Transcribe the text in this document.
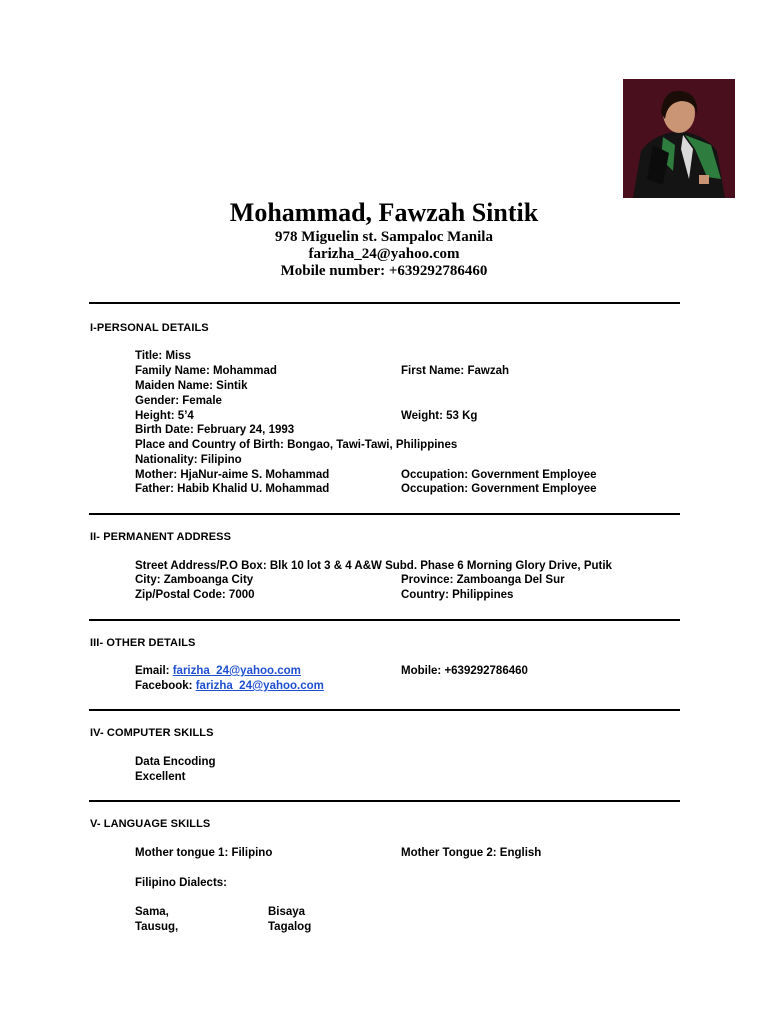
Mohammad, Fawzah Sintik
978 Miguelin st. Sampaloc Manila
farizha_24@yahoo.com
Mobile number: +639292786460
I-PERSONAL DETAILS
Title: Miss
Family Name: Mohammad	First Name: Fawzah
Maiden Name: Sintik
Gender: Female
Height: 5’4	Weight: 53 Kg
Birth Date: February 24, 1993
Place and Country of Birth: Bongao, Tawi-Tawi, Philippines
Nationality: Filipino
Mother: HjaNur-aime S. Mohammad	Occupation: Government Employee
Father: Habib Khalid U. Mohammad	Occupation: Government Employee
II- PERMANENT ADDRESS
Street Address/P.O Box: Blk 10 lot 3 & 4 A&W Subd. Phase 6 Morning Glory Drive, Putik
City: Zamboanga City	Province: Zamboanga Del Sur
Zip/Postal Code: 7000	Country: Philippines
III- OTHER DETAILS
Email: farizha_24@yahoo.com	Mobile: +639292786460
Facebook: farizha_24@yahoo.com
IV- COMPUTER SKILLS
Data Encoding
Excellent
V- LANGUAGE SKILLS
Mother tongue 1: Filipino	Mother Tongue 2: English
Filipino Dialects:
Sama,	Bisaya
Tausug,	Tagalog
